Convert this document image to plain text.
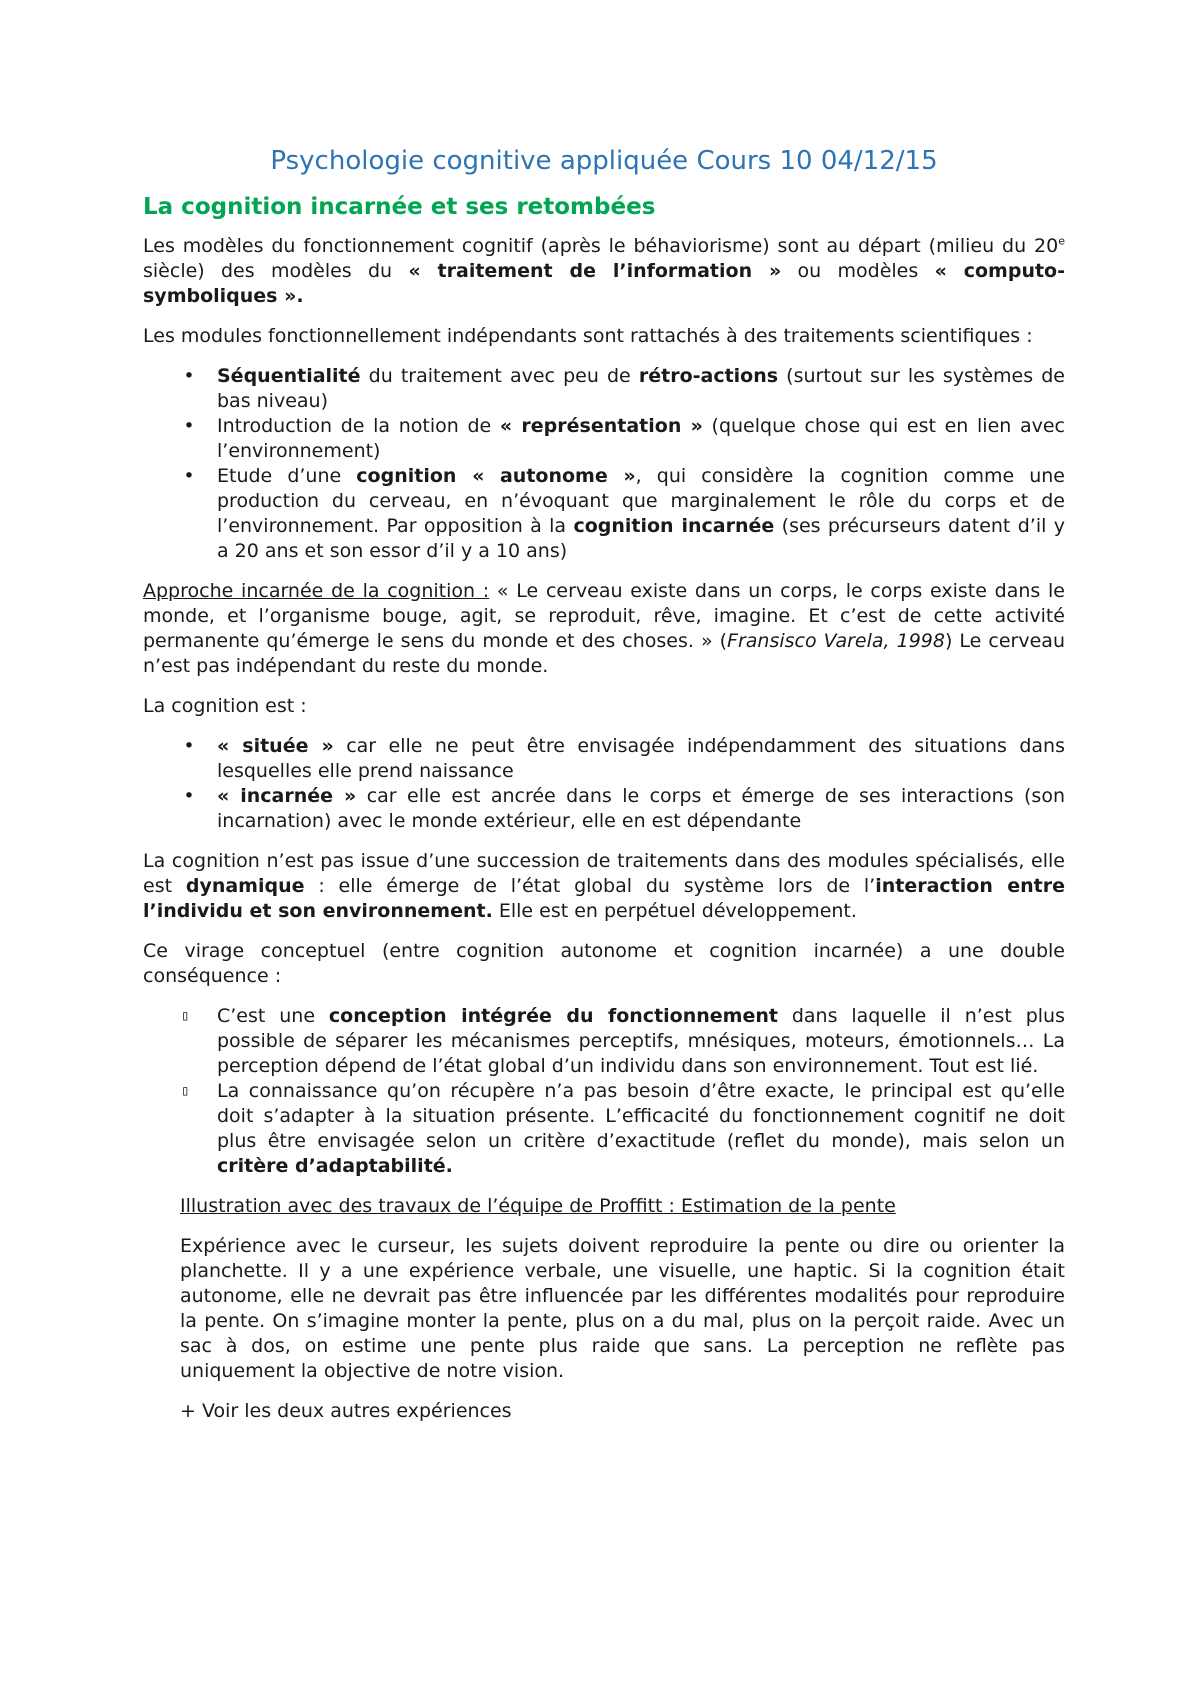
Psychologie cognitive appliquée Cours 10 04/12/15
La cognition incarnée et ses retombées

Les modèles du fonctionnement cognitif (après le béhaviorisme) sont au départ (milieu du 20e siècle) des modèles du « traitement de l’information » ou modèles « computo-symboliques ».

Les modules fonctionnellement indépendants sont rattachés à des traitements scientifiques :

• Séquentialité du traitement avec peu de rétro-actions (surtout sur les systèmes de bas niveau)
• Introduction de la notion de « représentation » (quelque chose qui est en lien avec l’environnement)
• Etude d’une cognition « autonome », qui considère la cognition comme une production du cerveau, en n’évoquant que marginalement le rôle du corps et de l’environnement. Par opposition à la cognition incarnée (ses précurseurs datent d’il y a 20 ans et son essor d’il y a 10 ans)

Approche incarnée de la cognition : « Le cerveau existe dans un corps, le corps existe dans le monde, et l’organisme bouge, agit, se reproduit, rêve, imagine. Et c’est de cette activité permanente qu’émerge le sens du monde et des choses. » (Fransisco Varela, 1998) Le cerveau n’est pas indépendant du reste du monde.

La cognition est :

• « située » car elle ne peut être envisagée indépendamment des situations dans lesquelles elle prend naissance
• « incarnée » car elle est ancrée dans le corps et émerge de ses interactions (son incarnation) avec le monde extérieur, elle en est dépendante

La cognition n’est pas issue d’une succession de traitements dans des modules spécialisés, elle est dynamique : elle émerge de l’état global du système lors de l’interaction entre l’individu et son environnement. Elle est en perpétuel développement.

Ce virage conceptuel (entre cognition autonome et cognition incarnée) a une double conséquence :

▯ C’est une conception intégrée du fonctionnement dans laquelle il n’est plus possible de séparer les mécanismes perceptifs, mnésiques, moteurs, émotionnels… La perception dépend de l’état global d’un individu dans son environnement. Tout est lié.
▯ La connaissance qu’on récupère n’a pas besoin d’être exacte, le principal est qu’elle doit s’adapter à la situation présente. L’efficacité du fonctionnement cognitif ne doit plus être envisagée selon un critère d’exactitude (reflet du monde), mais selon un critère d’adaptabilité.

Illustration avec des travaux de l’équipe de Proffitt : Estimation de la pente

Expérience avec le curseur, les sujets doivent reproduire la pente ou dire ou orienter la planchette. Il y a une expérience verbale, une visuelle, une haptic. Si la cognition était autonome, elle ne devrait pas être influencée par les différentes modalités pour reproduire la pente. On s’imagine monter la pente, plus on a du mal, plus on la perçoit raide. Avec un sac à dos, on estime une pente plus raide que sans. La perception ne reflète pas uniquement la objective de notre vision.

+ Voir les deux autres expériences
